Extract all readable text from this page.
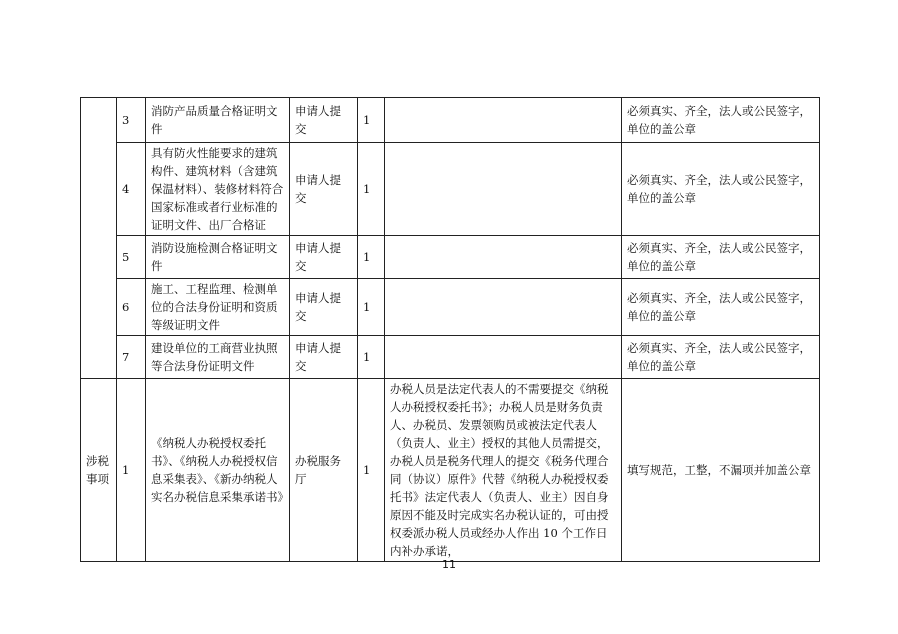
	3	消防产品质量合格证明文件	申请人提交	1		必须真实、齐全，法人或公民签字，单位的盖公章
	4	具有防火性能要求的建筑构件、建筑材料（含建筑保温材料）、装修材料符合国家标准或者行业标准的证明文件、出厂合格证	申请人提交	1		必须真实、齐全，法人或公民签字，单位的盖公章
	5	消防设施检测合格证明文件	申请人提交	1		必须真实、齐全，法人或公民签字，单位的盖公章
	6	施工、工程监理、检测单位的合法身份证明和资质等级证明文件	申请人提交	1		必须真实、齐全，法人或公民签字，单位的盖公章
	7	建设单位的工商营业执照等合法身份证明文件	申请人提交	1		必须真实、齐全，法人或公民签字，单位的盖公章
涉税事项	1	《纳税人办税授权委托书》、《纳税人办税授权信息采集表》、《新办纳税人实名办税信息采集承诺书》	办税服务厅	1	办税人员是法定代表人的不需要提交《纳税人办税授权委托书》；办税人员是财务负责人、办税员、发票领购员或被法定代表人（负责人、业主）授权的其他人员需提交，办税人员是税务代理人的提交《税务代理合同（协议）原件》代替《纳税人办税授权委托书》法定代表人（负责人、业主）因自身原因不能及时完成实名办税认证的，可由授权委派办税人员或经办人作出 10 个工作日内补办承诺，	填写规范，工整，不漏项并加盖公章
11
